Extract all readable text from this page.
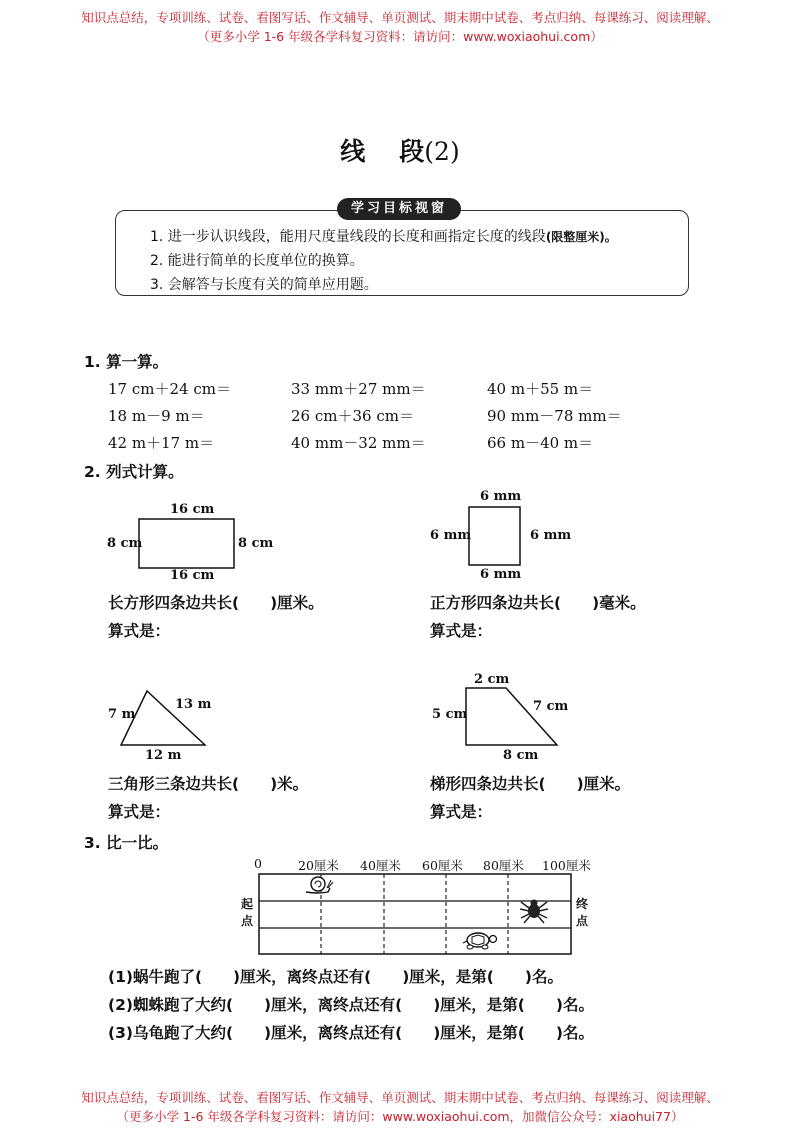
知识点总结，专项训练、试卷、看图写话、作文辅导、单页测试、期末期中试卷、考点归纳、每课练习、阅读理解、
（更多小学 1-6 年级各学科复习资料：请访问：www.woxiaohui.com）
线 段(2)
学习目标视窗
1. 进一步认识线段，能用尺度量线段的长度和画指定长度的线段(限整厘米)。
2. 能进行简单的长度单位的换算。
3. 会解答与长度有关的简单应用题。
1. 算一算。
17 cm＋24 cm＝	33 mm＋27 mm＝	40 m＋55 m＝
18 m－9 m＝	26 cm＋36 cm＝	90 mm－78 mm＝
42 m＋17 m＝	40 mm－32 mm＝	66 m－40 m＝
2. 列式计算。
16 cm
8 cm	8 cm
16 cm
长方形四条边共长(　　)厘米。
算式是：
6 mm
6 mm	6 mm
6 mm
正方形四条边共长(　　)毫米。
算式是：
7 m
13 m
12 m
三角形三条边共长(　　)米。
算式是：
2 cm
5 cm
7 cm
8 cm
梯形四条边共长(　　)厘米。
算式是：
3. 比一比。
0	20厘米 40厘米 60厘米 80厘米 100厘米
起点
终点
(1)蜗牛跑了(　　)厘米，离终点还有(　　)厘米，是第(　　)名。
(2)蜘蛛跑了大约(　　)厘米，离终点还有(　　)厘米，是第(　　)名。
(3)乌龟跑了大约(　　)厘米，离终点还有(　　)厘米，是第(　　)名。
知识点总结，专项训练、试卷、看图写话、作文辅导、单页测试、期末期中试卷、考点归纳、每课练习、阅读理解、
（更多小学 1-6 年级各学科复习资料：请访问：www.woxiaohui.com，加微信公众号：xiaohui77）
